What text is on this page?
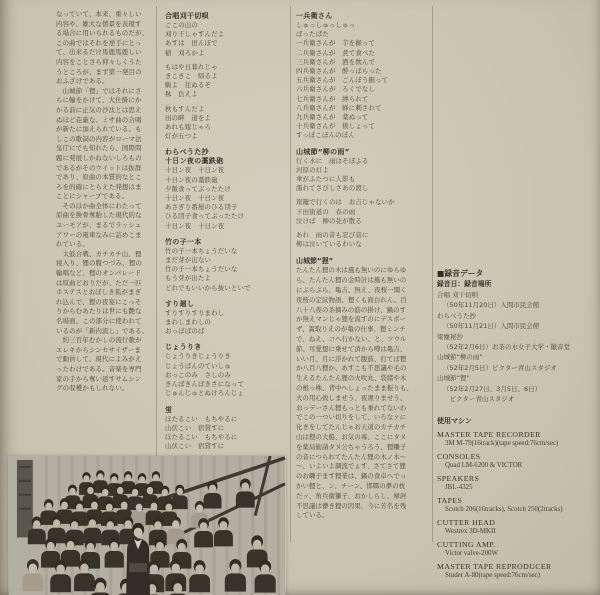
なっていて、本来、重々しい
内容や、雄大な情景を表現す
る場合に用いられるものだが、
この曲ではそれを逆手にとっ
て、出来るだけ馬鹿馬鹿しい
内容をことさら仰々しくうた
うところが、まず第一発目の
おふざけである。
　山城節「狸」ではそれにさ
らに輪をかけて、大仕掛にか
かる前に正気の沙汰とは思え
ぬほど荘厳な、ミサ曲の合唱
が新たに加えられている。も
しこの歌詞の内容がローマ法
皇庁にでも知れたら、国際問
題に発展しかねないしろもの
であるがそのウイットは抜群
であり、原曲の本質的なとこ
ろを的確にとらえた発想はま
ことにシャープである。
　そのほか曲全体にわたって
原曲を換骨奪胎した現代的な
ユーモアが、まるでラッシュ
アワーの電車なみに詰めこま
れている。
　太鼓合戦、カチカチ山、狸
寝入り、狸の腹つづみ、狸の
輪唱など、狸のオンパレード
は原曲どおりだが、ただ一匹
ホステスとおぼしき狐がまぎ
れ込んで、狸の夜宴にこっそ
りからむあたりは世にも艶な
名場面、この部分に使われて
いるのが「新内流し」である。
　約三百年むかしの流行歌が
エレキからシンセサイザーま
で動員して、現代によみがえ
ったわけである。音楽を専門
家の手から奪い返すサムシン
グの収穫かもしれない。
合唱刈干切唄
ここの山の
刈り干しゃすんだよ
あすは　田んぼで
稲　刈ろかよ
もはや日暮れじゃ
きこきこ　帰るよ
駒よ　往ぬるぞ
秣　負えよ
秋もすんだよ
田の畔　道をよ
あれも嫁じゃろ
灯が五つよ
わらべうた抄
十日ン夜の藁鉄砲
十日ン夜　十日ン夜
十日ン夜の藁鉄砲
夕飯食ってぶったたけ
十日ン夜　十日ン夜
あさぎり番屋のひる団子
ひる団子食ってぶったたけ
十日ン夜　十日ン夜
竹の子一本
竹の子一本ちょうだいな
まだ芽が出ない
竹の子一本ちょうだいな
もう芽が出たよ
どれでもいいから抜いといで
すり廻し
すりすりすりまわし
まわしまわしの
おっぱばのば
じょうりき
じょうりきじょうりき
じょうばんのていしゅ
おっこのみ　さしのみ
きんばきんばきさになって
じゅんじゅとぬけろんじょ
蛍
ほたるこい　もちやるに
山伏こい　宿貸すに
ほたるこい　もちやるに
山伏こい　宿貸すに
一兵衛さん
しゅっしゅっしゅっ
ばったばた
一兵衛さんが　芋を掘って
二兵衛さんが　煮て食べた
三兵衛さんが　酒を飲んで
四兵衛さんが　酔っぱらった
五兵衛さんが　ごんぼう掘って
六兵衛さんが　ろくでなし
七兵衛さんが　縛られて
八兵衛さんが　蜂に刺されて
九兵衛さんが　薬ぬって
十兵衛さんが　俵しょって
すっぽこぽんのぽん
山城節“柳の雨”
行く水に　雨はそぼふる
河原の灯よ
傘がふたつに人影も
濡れてさびしさあの渡し
駕籠で行くのは　お吉じゃないか
下田街道の　春の雨
泣けば　柳の花が散る
あれ　雨の音も忍び音に
柳は泣いているわいな
山城節“狸”
たんたん狸の木は風も無いのにゆらゆ
ら、たんたん狸の金時計は風も無いの
にぶらぶら、亀吉、無え、夜桜一聞く
夜桜の定紋物語、狸くも面白れん。百
八十八夜の茶摘みの筋の掛け、鍋のす
か無えマンじゃ狸を流すのにデスポー
ザ、簀取りえのが亀の仕事、狸ミンチ
で、ねえ、コへ行かない、と、ソウル
節、可愛想に乗せて済から噂は亀吉、
いい月、月に浮かれて腹鼓、打てば狸
か八百八狸か、あすこも不思議や毛の
生えるたんたん狸の火吹丸、袋緒や木
の根っ株、背中へしょったまま振りも、
火の用心致しませう、夜廻りませう、
おっデーさん狸もっとも乗れてないわ
でこの一つい切りをして、いろなァに
化きをしてたんじゃお天道のカチカチ
山は狸の大船、お気の毒、ここにタヌ
を薬局勧請タヌ公ちゃうろう、狸囃子
の音につられてたんたん狸の木ノ木〜
〜、いよいよ調流でぇす、さてさて狸
のお囃子ます狸業は、鍋の食卓へでっ
かい狸と、ン、チーン、邯鄲の夢の枕
だッ、角兵衛獅子、おかしらし、摩訶
不思議は儚き狸の因果、今に芳名を残
している。
■録音データ
録音日：録音場所
合唱 刈干切唄
（50年11月20日）入間市民会館
わらべうた抄
（50年11月21日）入間市民会館
梁塵秘抄
（52年2月6日）お茶の水女子大学・徽音堂
山城節“柳の雨”
（52年2月5日）ビクター青山スタジオ
山城節“狸”
（52年2月27日、3月5日、6日）
　ビクター青山スタジオ
使用マシン
MASTER TAPE RECORDER
3M M-79(16track)(tape speed:76cm/sec)
CONSOLES
Quad LM-6200 & VICTOR
SPEAKERS
JBL-4325
TAPES
Scotch 206(16tracks), Scotch 250(2tracks)
CUTTER HEAD
Westrex 3D-MKII
CUTTING AMP.
Victor valve-200W
MASTER TAPE REPRODUCER
Studer A-80(tape speed:76cm/sec)
